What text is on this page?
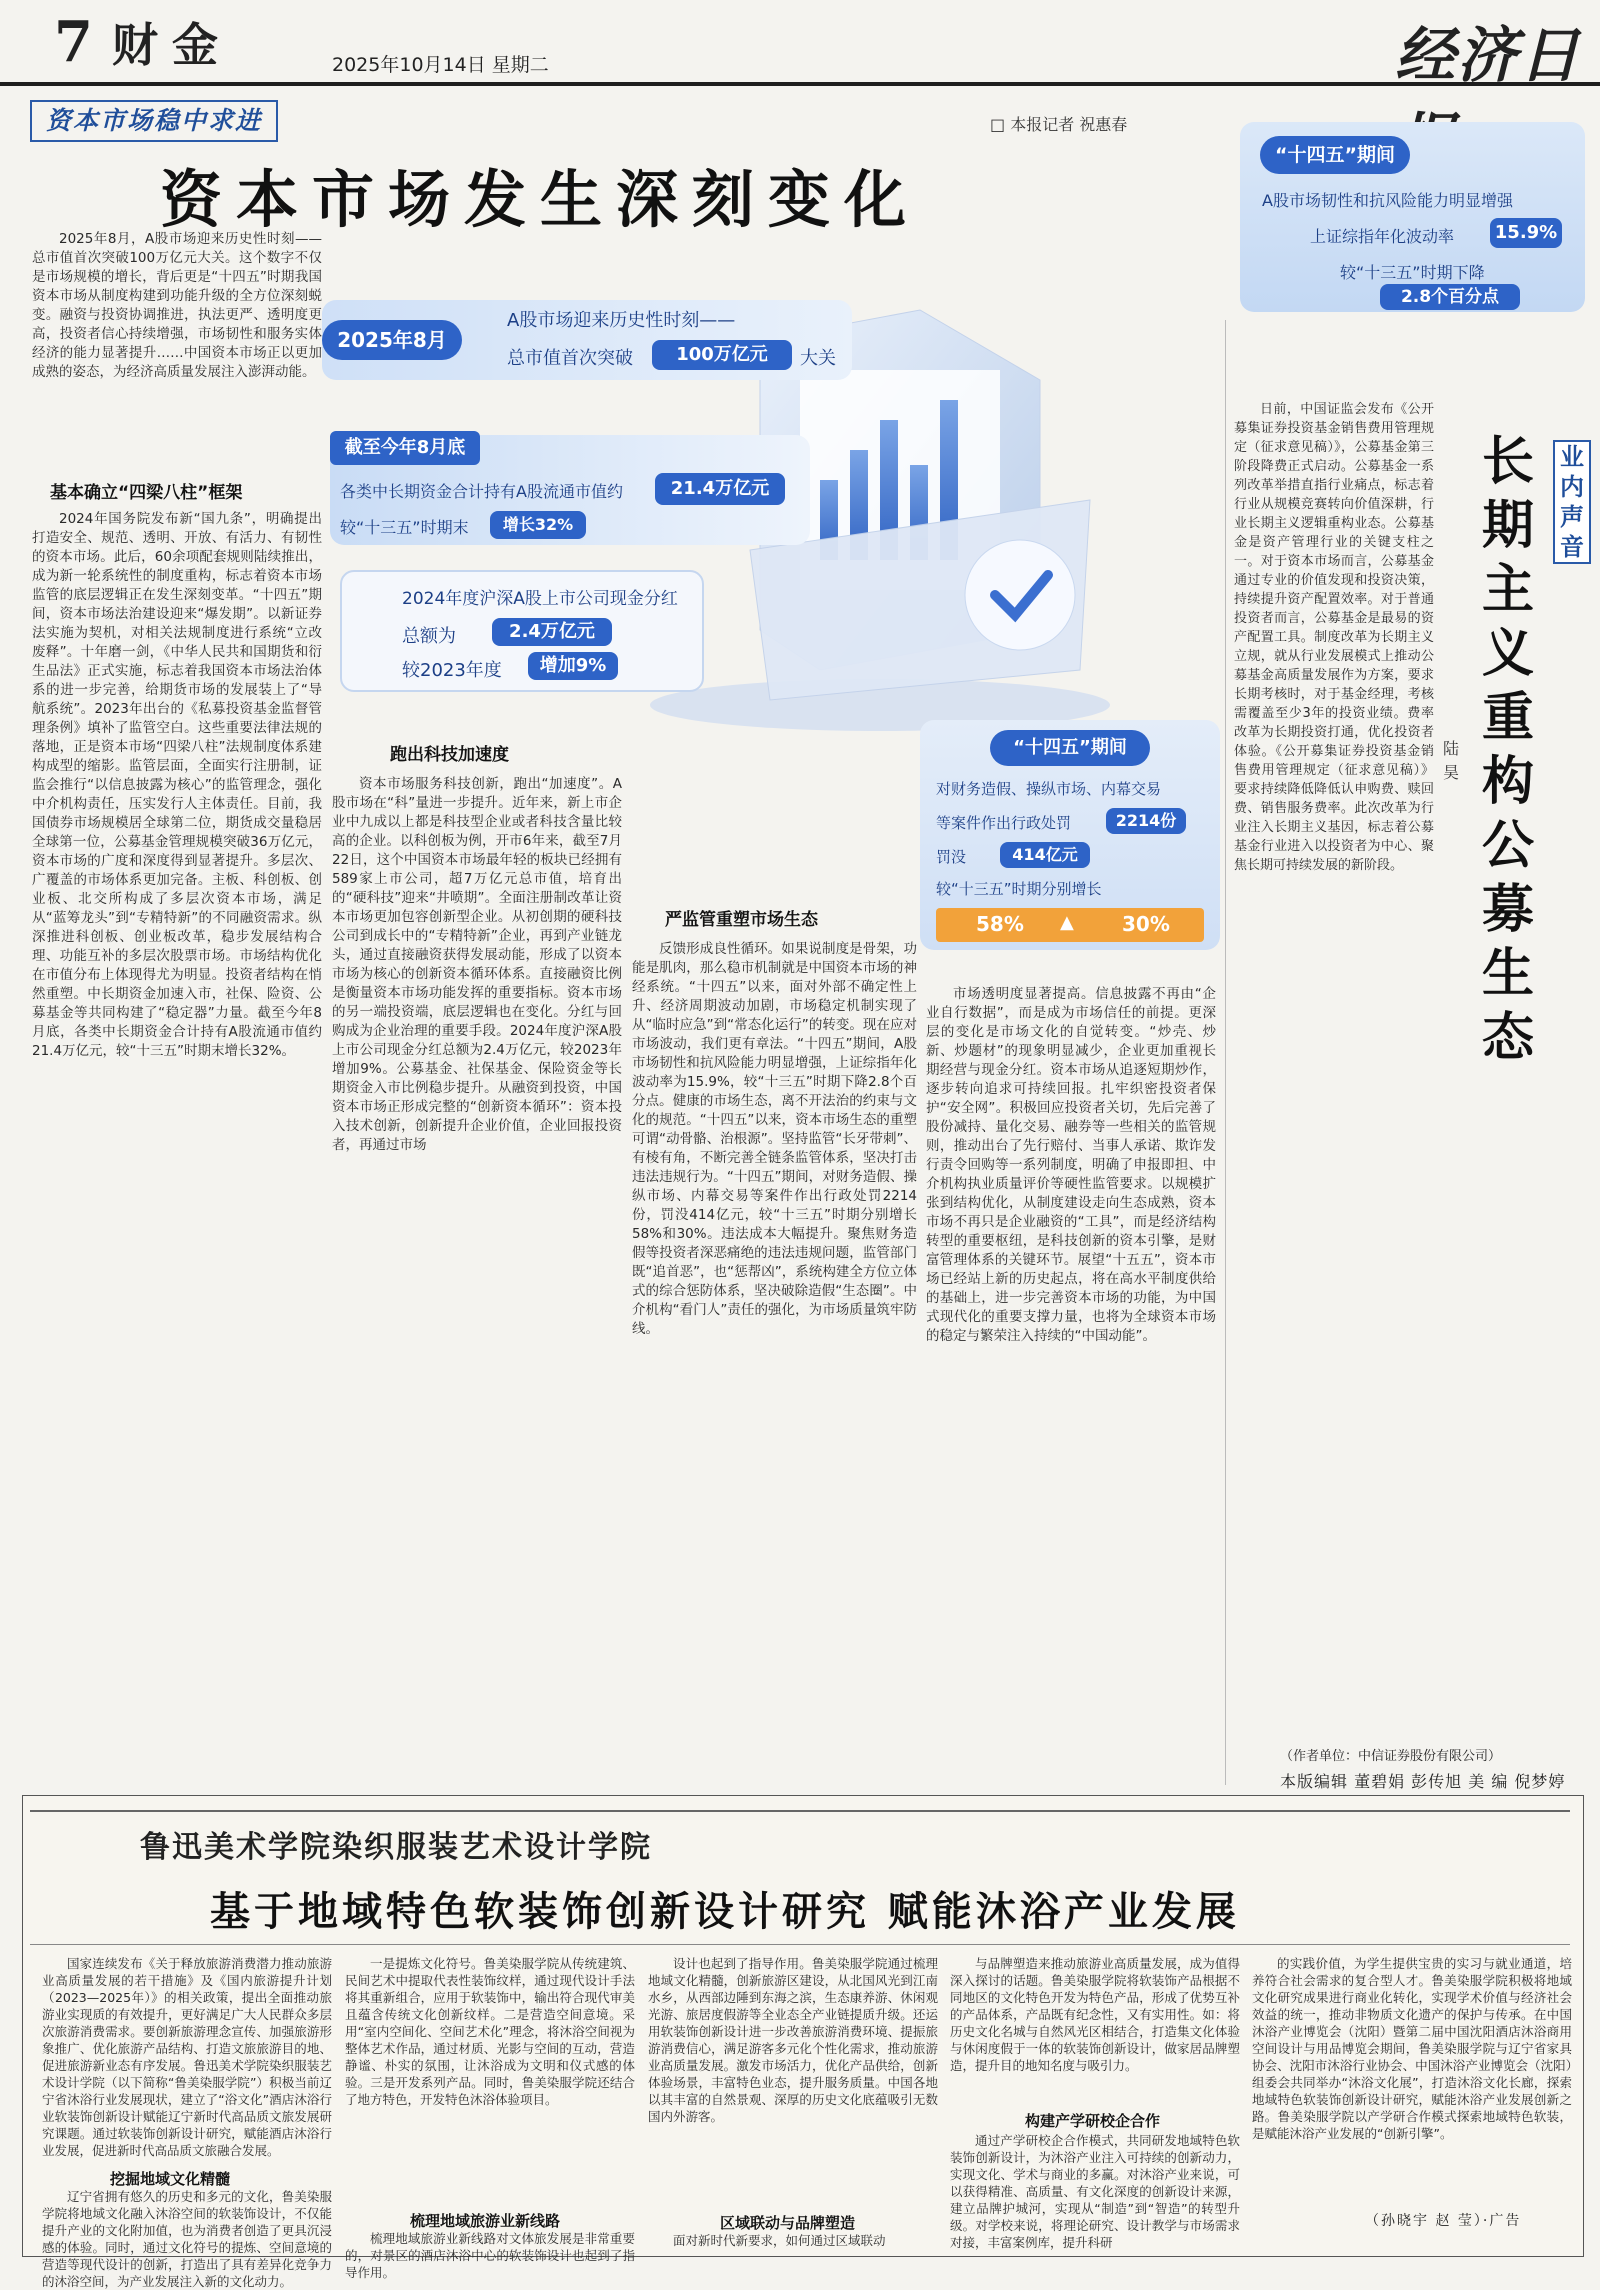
7 财金	2025年10月14日 星期二	经济日
资本市场稳中求进	□ 本报记者 祝惠春
资本市场发生深刻变化
2025年8月
A股市场迎来历史性时刻——
总市值首次突破	100万亿元	大关
截至今年8月底
各类中长期资金合计持有A股流通市值约	21.4万亿元
较“十三五”时期末	增长32%
2024年度沪深A股上市公司现金分红
总额为	2.4万亿元
较2023年度	增加9%
“十四五”期间
A股市场韧性和抗风险能力明显增强
上证综指年化波动率 15.9%
较“十三五”时期下降
2.8个百分点
“十四五”期间
对财务造假、操纵市场、内幕交易
等案件作出行政处罚	2214份
罚没	414亿元
较“十三五”时期分别增长
58% ▲ 30%

2025年8月，A股市场迎来历史性时刻——总市值首次突破100万亿元大关。这个数字不仅是市场规模的增长，背后更是“十四五”时期我国资本市场从制度构建到功能升级的全方位深刻蜕变。融资与投资协调推进，执法更严、透明度更高，投资者信心持续增强，市场韧性和服务实体经济的能力显著提升……中国资本市场正以更加成熟的姿态，为经济高质量发展注入澎湃动能。

基本确立“四梁八柱”框架

2024年国务院发布新“国九条”，明确提出打造安全、规范、透明、开放、有活力、有韧性的资本市场。此后，60余项配套规则陆续推出，成为新一轮系统性的制度重构，标志着资本市场监管的底层逻辑正在发生深刻变革。“十四五”期间，资本市场法治建设迎来“爆发期”。以新证券法实施为契机，对相关法规制度进行系统“立改废释”。十年磨一剑，《中华人民共和国期货和衍生品法》正式实施，标志着我国资本市场法治体系的进一步完善，给期货市场的发展装上了“导航系统”。2023年出台的《私募投资基金监督管理条例》填补了监管空白。这些重要法律法规的落地，正是资本市场“四梁八柱”法规制度体系建构成型的缩影。监管层面，全面实行注册制，证监会推行“以信息披露为核心”的监管理念，强化中介机构责任，压实发行人主体责任。目前，我国债券市场规模居全球第二位，期货成交量稳居全球第一位，公募基金管理规模突破36万亿元，资本市场的广度和深度得到显著提升。多层次、广覆盖的市场体系更加完备。主板、科创板、创业板、北交所构成了多层次资本市场，满足从“蓝筹龙头”到“专精特新”的不同融资需求。纵深推进科创板、创业板改革，稳步发展结构合理、功能互补的多层次股票市场。市场结构优化在市值分布上体现得尤为明显。投资者结构在悄然重塑。中长期资金加速入市，社保、险资、公募基金等共同构建了“稳定器”力量。截至今年8月底，各类中长期资金合计持有A股流通市值约21.4万亿元，较“十三五”时期末增长32%。

跑出科技加速度

资本市场服务科技创新，跑出“加速度”。A股市场在“科”量进一步提升。近年来，新上市企业中九成以上都是科技型企业或者科技含量比较高的企业。以科创板为例，开市6年来，截至7月22日，这个中国资本市场最年轻的板块已经拥有589家上市公司，超7万亿元总市值，培育出的“硬科技”迎来“井喷期”。全面注册制改革让资本市场更加包容创新型企业。从初创期的硬科技公司到成长中的“专精特新”企业，再到产业链龙头，通过直接融资获得发展动能，形成了以资本市场为核心的创新资本循环体系。直接融资比例是衡量资本市场功能发挥的重要指标。资本市场的另一端投资端，底层逻辑也在变化。分红与回购成为企业治理的重要手段。2024年度沪深A股上市公司现金分红总额为2.4万亿元，较2023年增加9%。公募基金、社保基金、保险资金等长期资金入市比例稳步提升。从融资到投资，中国资本市场正形成完整的“创新资本循环”：资本投入技术创新，创新提升企业价值，企业回报投资者，再通过市场

严监管重塑市场生态

反馈形成良性循环。如果说制度是骨架，功能是肌肉，那么稳市机制就是中国资本市场的神经系统。“十四五”以来，面对外部不确定性上升、经济周期波动加剧，市场稳定机制实现了从“临时应急”到“常态化运行”的转变。现在应对市场波动，我们更有章法。“十四五”期间，A股市场韧性和抗风险能力明显增强，上证综指年化波动率为15.9%，较“十三五”时期下降2.8个百分点。健康的市场生态，离不开法治的约束与文化的规范。“十四五”以来，资本市场生态的重塑可谓“动骨骼、治根源”。坚持监管“长牙带刺”、有棱有角，不断完善全链条监管体系，坚决打击违法违规行为。“十四五”期间，对财务造假、操纵市场、内幕交易等案件作出行政处罚2214份，罚没414亿元，较“十三五”时期分别增长58%和30%。违法成本大幅提升。聚焦财务造假等投资者深恶痛绝的违法违规问题，监管部门既“追首恶”，也“惩帮凶”，系统构建全方位立体式的综合惩防体系，坚决破除造假“生态圈”。中介机构“看门人”责任的强化，为市场质量筑牢防线。

市场透明度显著提高。信息披露不再由“企业自行数据”，而是成为市场信任的前提。更深层的变化是市场文化的自觉转变。“炒壳、炒新、炒题材”的现象明显减少，企业更加重视长期经营与现金分红。资本市场从追逐短期炒作，逐步转向追求可持续回报。扎牢织密投资者保护“安全网”。积极回应投资者关切，先后完善了股份减持、量化交易、融券等一些相关的监管规则，推动出台了先行赔付、当事人承诺、欺诈发行责令回购等一系列制度，明确了申报即担、中介机构执业质量评价等硬性监管要求。以规模扩张到结构优化，从制度建设走向生态成熟，资本市场不再只是企业融资的“工具”，而是经济结构转型的重要枢纽，是科技创新的资本引擎，是财富管理体系的关键环节。展望“十五五”，资本市场已经站上新的历史起点，将在高水平制度供给的基础上，进一步完善资本市场的功能，为中国式现代化的重要支撑力量，也将为全球资本市场的稳定与繁荣注入持续的“中国动能”。

日前，中国证监会发布《公开募集证券投资基金销售费用管理规定（征求意见稿）》，公募基金第三阶段降费正式启动。公募基金一系列改革举措直指行业痛点，标志着行业从规模竞赛转向价值深耕，行业长期主义逻辑重构业态。公募基金是资产管理行业的关键支柱之一。对于资本市场而言，公募基金通过专业的价值发现和投资决策，持续提升资产配置效率。对于普通投资者而言，公募基金是最易的资产配置工具。制度改革为长期主义立规，就从行业发展模式上推动公募基金高质量发展作为方案，要求长期考核时，对于基金经理，考核需覆盖至少3年的投资业绩。费率改革为长期投资打通，优化投资者体验。《公开募集证券投资基金销售费用管理规定（征求意见稿）》要求持续降低降低认申购费、赎回费、销售服务费率。此次改革为行业注入长期主义基因，标志着公募基金行业进入以投资者为中心、聚焦长期可持续发展的新阶段。

长期主义重构公募生态
业内声音
陆昊
（作者单位：中信证券股份有限公司）
本版编辑 董碧娟 彭传旭 美 编 倪梦婷
鲁迅美术学院染织服装艺术设计学院
基于地域特色软装饰创新设计研究 赋能沐浴产业发展

国家连续发布《关于释放旅游消费潜力推动旅游业高质量发展的若干措施》及《国内旅游提升计划（2023—2025年）》的相关政策，提出全面推动旅游业实现质的有效提升，更好满足广大人民群众多层次旅游消费需求。要创新旅游理念宣传、加强旅游形象推广、优化旅游产品结构、打造文旅旅游目的地、促进旅游新业态有序发展。鲁迅美术学院染织服装艺术设计学院（以下简称“鲁美染服学院”）积极当前辽宁省沐浴行业发展现状，建立了“浴文化”酒店沐浴行业软装饰创新设计赋能辽宁新时代高品质文旅发展研究课题。通过软装饰创新设计研究，赋能酒店沐浴行业发展，促进新时代高品质文旅融合发展。

挖掘地域文化精髓

辽宁省拥有悠久的历史和多元的文化，鲁美染服学院将地域文化融入沐浴空间的软装饰设计，不仅能提升产业的文化附加值，也为消费者创造了更具沉浸感的体验。同时，通过文化符号的提炼、空间意境的营造等现代设计的创新，打造出了具有差异化竞争力的沐浴空间，为产业发展注入新的文化动力。

一是提炼文化符号。鲁美染服学院从传统建筑、民间艺术中提取代表性装饰纹样，通过现代设计手法将其重新组合，应用于软装饰中，输出符合现代审美且蕴含传统文化创新纹样。二是营造空间意境。采用“室内空间化、空间艺术化”理念，将沐浴空间视为整体艺术作品，通过材质、光影与空间的互动，营造静谧、朴实的氛围，让沐浴成为文明和仪式感的体验。三是开发系列产品。同时，鲁美染服学院还结合了地方特色，开发特色沐浴体验项目。

梳理地域旅游业新线路

梳理地域旅游业新线路对文体旅发展是非常重要的，对景区的酒店沐浴中心的软装饰设计也起到了指导作用。

设计也起到了指导作用。鲁美染服学院通过梳理地域文化精髓，创新旅游区建设，从北国风光到江南水乡，从西部边陲到东海之滨，生态康养游、休闲观光游、旅居度假游等全业态全产业链提质升级。还运用软装饰创新设计进一步改善旅游消费环境、提振旅游消费信心，满足游客多元化个性化需求，推动旅游业高质量发展。激发市场活力，优化产品供给，创新体验场景，丰富特色业态，提升服务质量。中国各地以其丰富的自然景观、深厚的历史文化底蕴吸引无数国内外游客。

区域联动与品牌塑造

面对新时代新要求，如何通过区域联动

与品牌塑造来推动旅游业高质量发展，成为值得深入探讨的话题。鲁美染服学院将软装饰产品根据不同地区的文化特色开发为特色产品，形成了优势互补的产品体系，产品既有纪念性，又有实用性。如：将历史文化名城与自然风光区相结合，打造集文化体验与休闲度假于一体的软装饰创新设计，做家居品牌塑造，提升目的地知名度与吸引力。

构建产学研校企合作

通过产学研校企合作模式，共同研发地域特色软装饰创新设计，为沐浴产业注入可持续的创新动力，实现文化、学术与商业的多赢。对沐浴产业来说，可以获得精准、高质量、有文化深度的创新设计来源，建立品牌护城河，实现从“制造”到“智造”的转型升级。对学校来说，将理论研究、设计教学与市场需求对接，丰富案例库，提升科研

的实践价值，为学生提供宝贵的实习与就业通道，培养符合社会需求的复合型人才。鲁美染服学院积极将地域文化研究成果进行商业化转化，实现学术价值与经济社会效益的统一，推动非物质文化遗产的保护与传承。在中国沐浴产业博览会（沈阳）暨第二届中国沈阳酒店沐浴商用空间设计与用品博览会期间，鲁美染服学院与辽宁省家具协会、沈阳市沐浴行业协会、中国沐浴产业博览会（沈阳）组委会共同举办“沐浴文化展”，打造沐浴文化长廊，探索地域特色软装饰创新设计研究，赋能沐浴产业发展创新之路。鲁美染服学院以产学研合作模式探索地域特色软装，是赋能沐浴产业发展的“创新引擎”。

（孙晓宇 赵 莹）·广告
